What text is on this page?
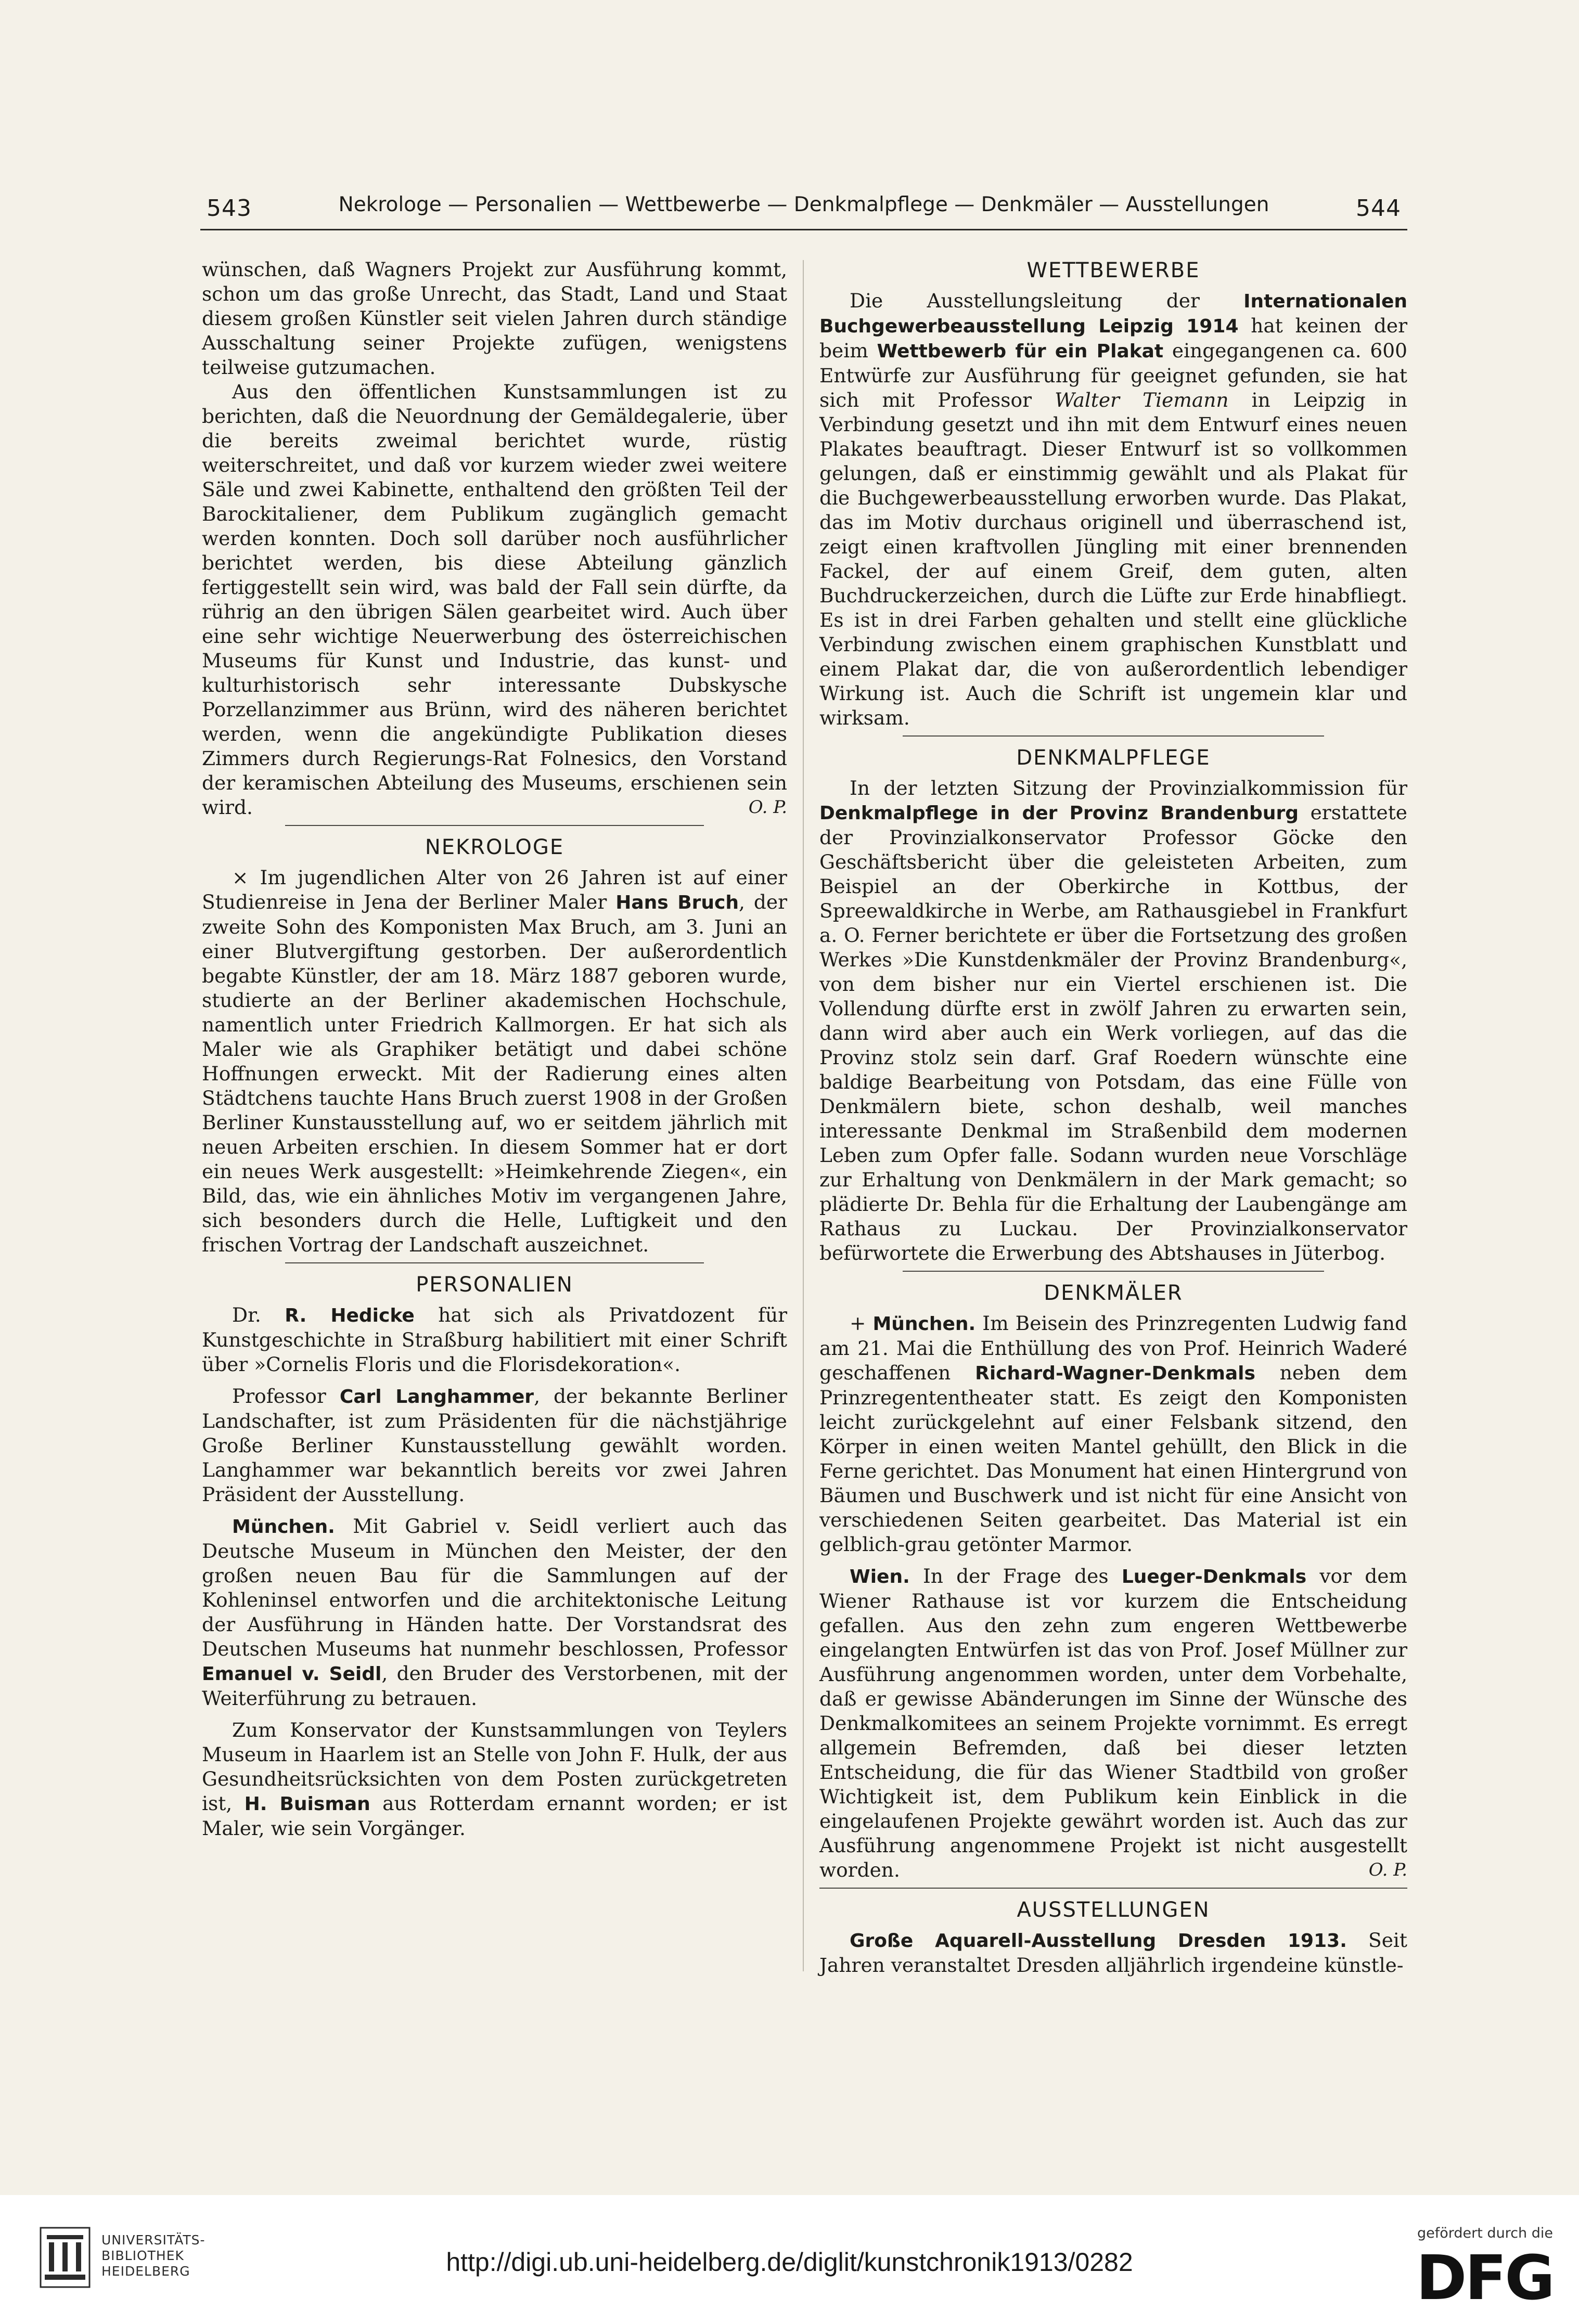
543	Nekrologe — Personalien — Wettbewerbe — Denkmalpflege — Denkmäler — Ausstellungen	544

wünschen, daß Wagners Projekt zur Ausführung kommt, schon um das große Unrecht, das Stadt, Land und Staat diesem großen Künstler seit vielen Jahren durch ständige Ausschaltung seiner Projekte zufügen, wenigstens teilweise gutzumachen.

Aus den öffentlichen Kunstsammlungen ist zu berichten, daß die Neuordnung der Gemäldegalerie, über die bereits zweimal berichtet wurde, rüstig weiterschreitet, und daß vor kurzem wieder zwei weitere Säle und zwei Kabinette, enthaltend den größten Teil der Barockitaliener, dem Publikum zugänglich gemacht werden konnten. Doch soll darüber noch ausführlicher berichtet werden, bis diese Abteilung gänzlich fertiggestellt sein wird, was bald der Fall sein dürfte, da rührig an den übrigen Sälen gearbeitet wird. Auch über eine sehr wichtige Neuerwerbung des österreichischen Museums für Kunst und Industrie, das kunst- und kulturhistorisch sehr interessante Dubskysche Porzellanzimmer aus Brünn, wird des näheren berichtet werden, wenn die angekündigte Publikation dieses Zimmers durch Regierungs-Rat Folnesics, den Vorstand der keramischen Abteilung des Museums, erschienen sein wird.	O. P.

NEKROLOGE

× Im jugendlichen Alter von 26 Jahren ist auf einer Studienreise in Jena der Berliner Maler Hans Bruch, der zweite Sohn des Komponisten Max Bruch, am 3. Juni an einer Blutvergiftung gestorben. Der außerordentlich begabte Künstler, der am 18. März 1887 geboren wurde, studierte an der Berliner akademischen Hochschule, namentlich unter Friedrich Kallmorgen. Er hat sich als Maler wie als Graphiker betätigt und dabei schöne Hoffnungen erweckt. Mit der Radierung eines alten Städtchens tauchte Hans Bruch zuerst 1908 in der Großen Berliner Kunstausstellung auf, wo er seitdem jährlich mit neuen Arbeiten erschien. In diesem Sommer hat er dort ein neues Werk ausgestellt: »Heimkehrende Ziegen«, ein Bild, das, wie ein ähnliches Motiv im vergangenen Jahre, sich besonders durch die Helle, Luftigkeit und den frischen Vortrag der Landschaft auszeichnet.

PERSONALIEN

Dr. R. Hedicke hat sich als Privatdozent für Kunstgeschichte in Straßburg habilitiert mit einer Schrift über »Cornelis Floris und die Florisdekoration«.

Professor Carl Langhammer, der bekannte Berliner Landschafter, ist zum Präsidenten für die nächstjährige Große Berliner Kunstausstellung gewählt worden. Langhammer war bekanntlich bereits vor zwei Jahren Präsident der Ausstellung.

München. Mit Gabriel v. Seidl verliert auch das Deutsche Museum in München den Meister, der den großen neuen Bau für die Sammlungen auf der Kohleninsel entworfen und die architektonische Leitung der Ausführung in Händen hatte. Der Vorstandsrat des Deutschen Museums hat nunmehr beschlossen, Professor Emanuel v. Seidl, den Bruder des Verstorbenen, mit der Weiterführung zu betrauen.

Zum Konservator der Kunstsammlungen von Teylers Museum in Haarlem ist an Stelle von John F. Hulk, der aus Gesundheitsrücksichten von dem Posten zurückgetreten ist, H. Buisman aus Rotterdam ernannt worden; er ist Maler, wie sein Vorgänger.

WETTBEWERBE

Die Ausstellungsleitung der Internationalen Buchgewerbeausstellung Leipzig 1914 hat keinen der beim Wettbewerb für ein Plakat eingegangenen ca. 600 Entwürfe zur Ausführung für geeignet gefunden, sie hat sich mit Professor Walter Tiemann in Leipzig in Verbindung gesetzt und ihn mit dem Entwurf eines neuen Plakates beauftragt. Dieser Entwurf ist so vollkommen gelungen, daß er einstimmig gewählt und als Plakat für die Buchgewerbeausstellung erworben wurde. Das Plakat, das im Motiv durchaus originell und überraschend ist, zeigt einen kraftvollen Jüngling mit einer brennenden Fackel, der auf einem Greif, dem guten, alten Buchdruckerzeichen, durch die Lüfte zur Erde hinabfliegt. Es ist in drei Farben gehalten und stellt eine glückliche Verbindung zwischen einem graphischen Kunstblatt und einem Plakat dar, die von außerordentlich lebendiger Wirkung ist. Auch die Schrift ist ungemein klar und wirksam.

DENKMALPFLEGE

In der letzten Sitzung der Provinzialkommission für Denkmalpflege in der Provinz Brandenburg erstattete der Provinzialkonservator Professor Göcke den Geschäftsbericht über die geleisteten Arbeiten, zum Beispiel an der Oberkirche in Kottbus, der Spreewaldkirche in Werbe, am Rathausgiebel in Frankfurt a. O. Ferner berichtete er über die Fortsetzung des großen Werkes »Die Kunstdenkmäler der Provinz Brandenburg«, von dem bisher nur ein Viertel erschienen ist. Die Vollendung dürfte erst in zwölf Jahren zu erwarten sein, dann wird aber auch ein Werk vorliegen, auf das die Provinz stolz sein darf. Graf Roedern wünschte eine baldige Bearbeitung von Potsdam, das eine Fülle von Denkmälern biete, schon deshalb, weil manches interessante Denkmal im Straßenbild dem modernen Leben zum Opfer falle. Sodann wurden neue Vorschläge zur Erhaltung von Denkmälern in der Mark gemacht; so plädierte Dr. Behla für die Erhaltung der Laubengänge am Rathaus zu Luckau. Der Provinzialkonservator befürwortete die Erwerbung des Abtshauses in Jüterbog.

DENKMÄLER

+ München. Im Beisein des Prinzregenten Ludwig fand am 21. Mai die Enthüllung des von Prof. Heinrich Waderé geschaffenen Richard-Wagner-Denkmals neben dem Prinzregententheater statt. Es zeigt den Komponisten leicht zurückgelehnt auf einer Felsbank sitzend, den Körper in einen weiten Mantel gehüllt, den Blick in die Ferne gerichtet. Das Monument hat einen Hintergrund von Bäumen und Buschwerk und ist nicht für eine Ansicht von verschiedenen Seiten gearbeitet. Das Material ist ein gelblich-grau getönter Marmor.

Wien. In der Frage des Lueger-Denkmals vor dem Wiener Rathause ist vor kurzem die Entscheidung gefallen. Aus den zehn zum engeren Wettbewerbe eingelangten Entwürfen ist das von Prof. Josef Müllner zur Ausführung angenommen worden, unter dem Vorbehalte, daß er gewisse Abänderungen im Sinne der Wünsche des Denkmalkomitees an seinem Projekte vornimmt. Es erregt allgemein Befremden, daß bei dieser letzten Entscheidung, die für das Wiener Stadtbild von großer Wichtigkeit ist, dem Publikum kein Einblick in die eingelaufenen Projekte gewährt worden ist. Auch das zur Ausführung angenommene Projekt ist nicht ausgestellt worden.	O. P.

AUSSTELLUNGEN

Große Aquarell-Ausstellung Dresden 1913. Seit Jahren veranstaltet Dresden alljährlich irgendeine künstle-

UNIVERSITÄTS-
BIBLIOTHEK
HEIDELBERG	http://digi.ub.uni-heidelberg.de/diglit/kunstchronik1913/0282
gefördert durch die
DFG
